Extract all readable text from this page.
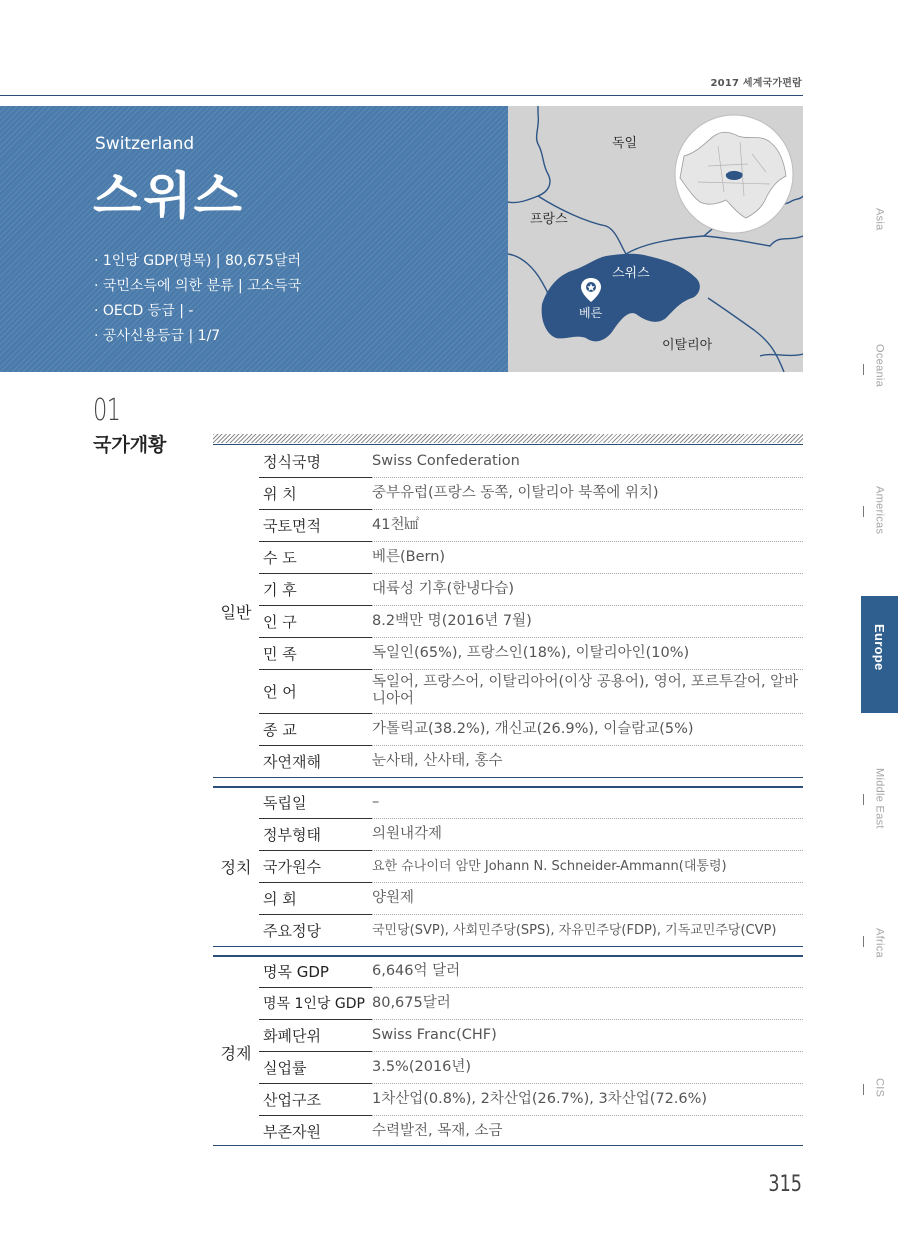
2017 세계국가편람
Switzerland
스위스
· 1인당 GDP(명목) | 80,675달러
· 국민소득에 의한 분류 | 고소득국
· OECD 등급 | -
· 공사신용등급 | 1/7
독일
프랑스
스위스
베른
이탈리아
01
국가개황
일반	정식국명	Swiss Confederation
	위 치	중부유럽(프랑스 동쪽, 이탈리아 북쪽에 위치)
	국토면적	41천㎢
	수 도	베른(Bern)
	기 후	대륙성 기후(한냉다습)
	인 구	8.2백만 명(2016년 7월)
	민 족	독일인(65%), 프랑스인(18%), 이탈리아인(10%)
	언 어	독일어, 프랑스어, 이탈리아어(이상 공용어), 영어, 포르투갈어, 알바니아어
	종 교	가톨릭교(38.2%), 개신교(26.9%), 이슬람교(5%)
	자연재해	눈사태, 산사태, 홍수

정치	독립일	–
	정부형태	의원내각제
	국가원수	요한 슈나이더 암만 Johann N. Schneider-Ammann(대통령)
	의 회	양원제
	주요정당	국민당(SVP), 사회민주당(SPS), 자유민주당(FDP), 기독교민주당(CVP)

경제	명목 GDP	6,646억 달러
	명목 1인당 GDP	80,675달러
	화폐단위	Swiss Franc(CHF)
	실업률	3.5%(2016년)
	산업구조	1차산업(0.8%), 2차산업(26.7%), 3차산업(72.6%)
	부존자원	수력발전, 목재, 소금
Asia
Oceania
Americas
Europe
Middle East
Africa
CIS
315
